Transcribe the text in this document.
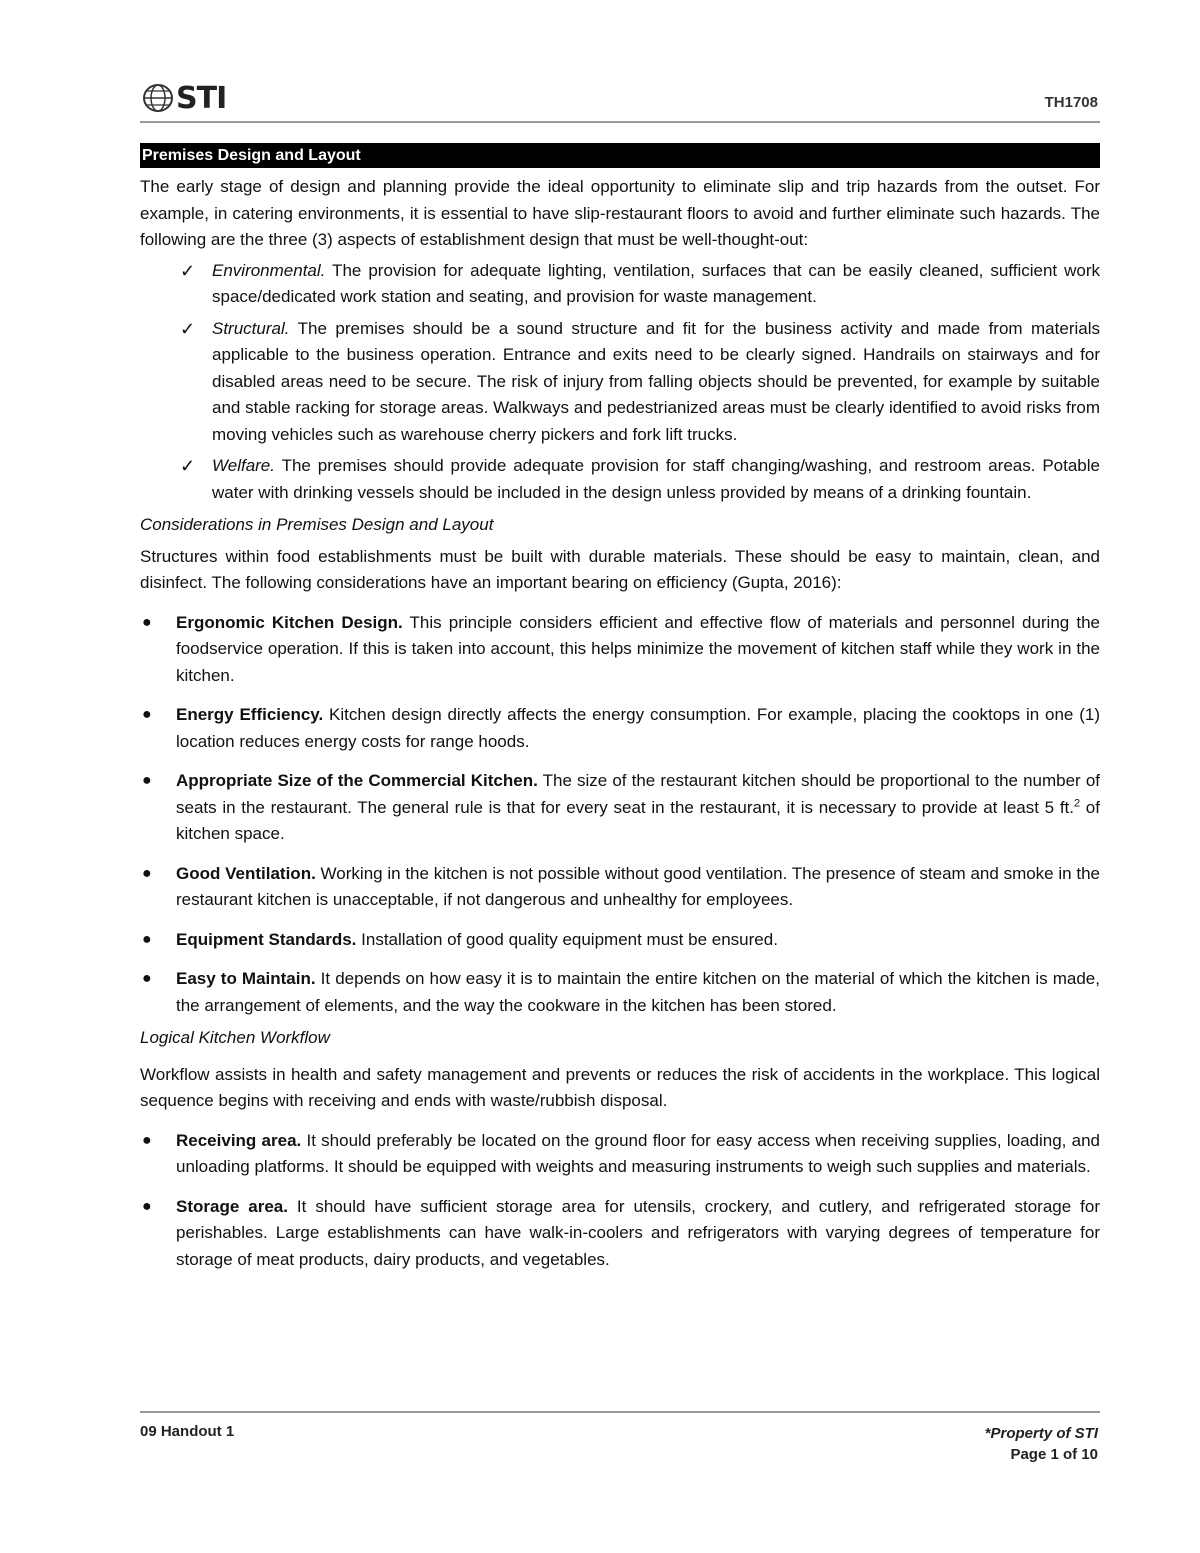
STI	TH1708
Premises Design and Layout

The early stage of design and planning provide the ideal opportunity to eliminate slip and trip hazards from the outset. For example, in catering environments, it is essential to have slip-restaurant floors to avoid and further eliminate such hazards. The following are the three (3) aspects of establishment design that must be well-thought-out:

✓ Environmental. The provision for adequate lighting, ventilation, surfaces that can be easily cleaned, sufficient work space/dedicated work station and seating, and provision for waste management.
✓ Structural. The premises should be a sound structure and fit for the business activity and made from materials applicable to the business operation. Entrance and exits need to be clearly signed. Handrails on stairways and for disabled areas need to be secure. The risk of injury from falling objects should be prevented, for example by suitable and stable racking for storage areas. Walkways and pedestrianized areas must be clearly identified to avoid risks from moving vehicles such as warehouse cherry pickers and fork lift trucks.
✓ Welfare. The premises should provide adequate provision for staff changing/washing, and restroom areas. Potable water with drinking vessels should be included in the design unless provided by means of a drinking fountain.

Considerations in Premises Design and Layout

Structures within food establishments must be built with durable materials. These should be easy to maintain, clean, and disinfect. The following considerations have an important bearing on efficiency (Gupta, 2016):

● Ergonomic Kitchen Design. This principle considers efficient and effective flow of materials and personnel during the foodservice operation. If this is taken into account, this helps minimize the movement of kitchen staff while they work in the kitchen.
● Energy Efficiency. Kitchen design directly affects the energy consumption. For example, placing the cooktops in one (1) location reduces energy costs for range hoods.
● Appropriate Size of the Commercial Kitchen. The size of the restaurant kitchen should be proportional to the number of seats in the restaurant. The general rule is that for every seat in the restaurant, it is necessary to provide at least 5 ft.$^2$ of kitchen space.
● Good Ventilation. Working in the kitchen is not possible without good ventilation. The presence of steam and smoke in the restaurant kitchen is unacceptable, if not dangerous and unhealthy for employees.
● Equipment Standards. Installation of good quality equipment must be ensured.
● Easy to Maintain. It depends on how easy it is to maintain the entire kitchen on the material of which the kitchen is made, the arrangement of elements, and the way the cookware in the kitchen has been stored.

Logical Kitchen Workflow

Workflow assists in health and safety management and prevents or reduces the risk of accidents in the workplace. This logical sequence begins with receiving and ends with waste/rubbish disposal.

● Receiving area. It should preferably be located on the ground floor for easy access when receiving supplies, loading, and unloading platforms. It should be equipped with weights and measuring instruments to weigh such supplies and materials.
● Storage area. It should have sufficient storage area for utensils, crockery, and cutlery, and refrigerated storage for perishables. Large establishments can have walk-in-coolers and refrigerators with varying degrees of temperature for storage of meat products, dairy products, and vegetables.
09 Handout 1	*Property of STI
Page 1 of 10
